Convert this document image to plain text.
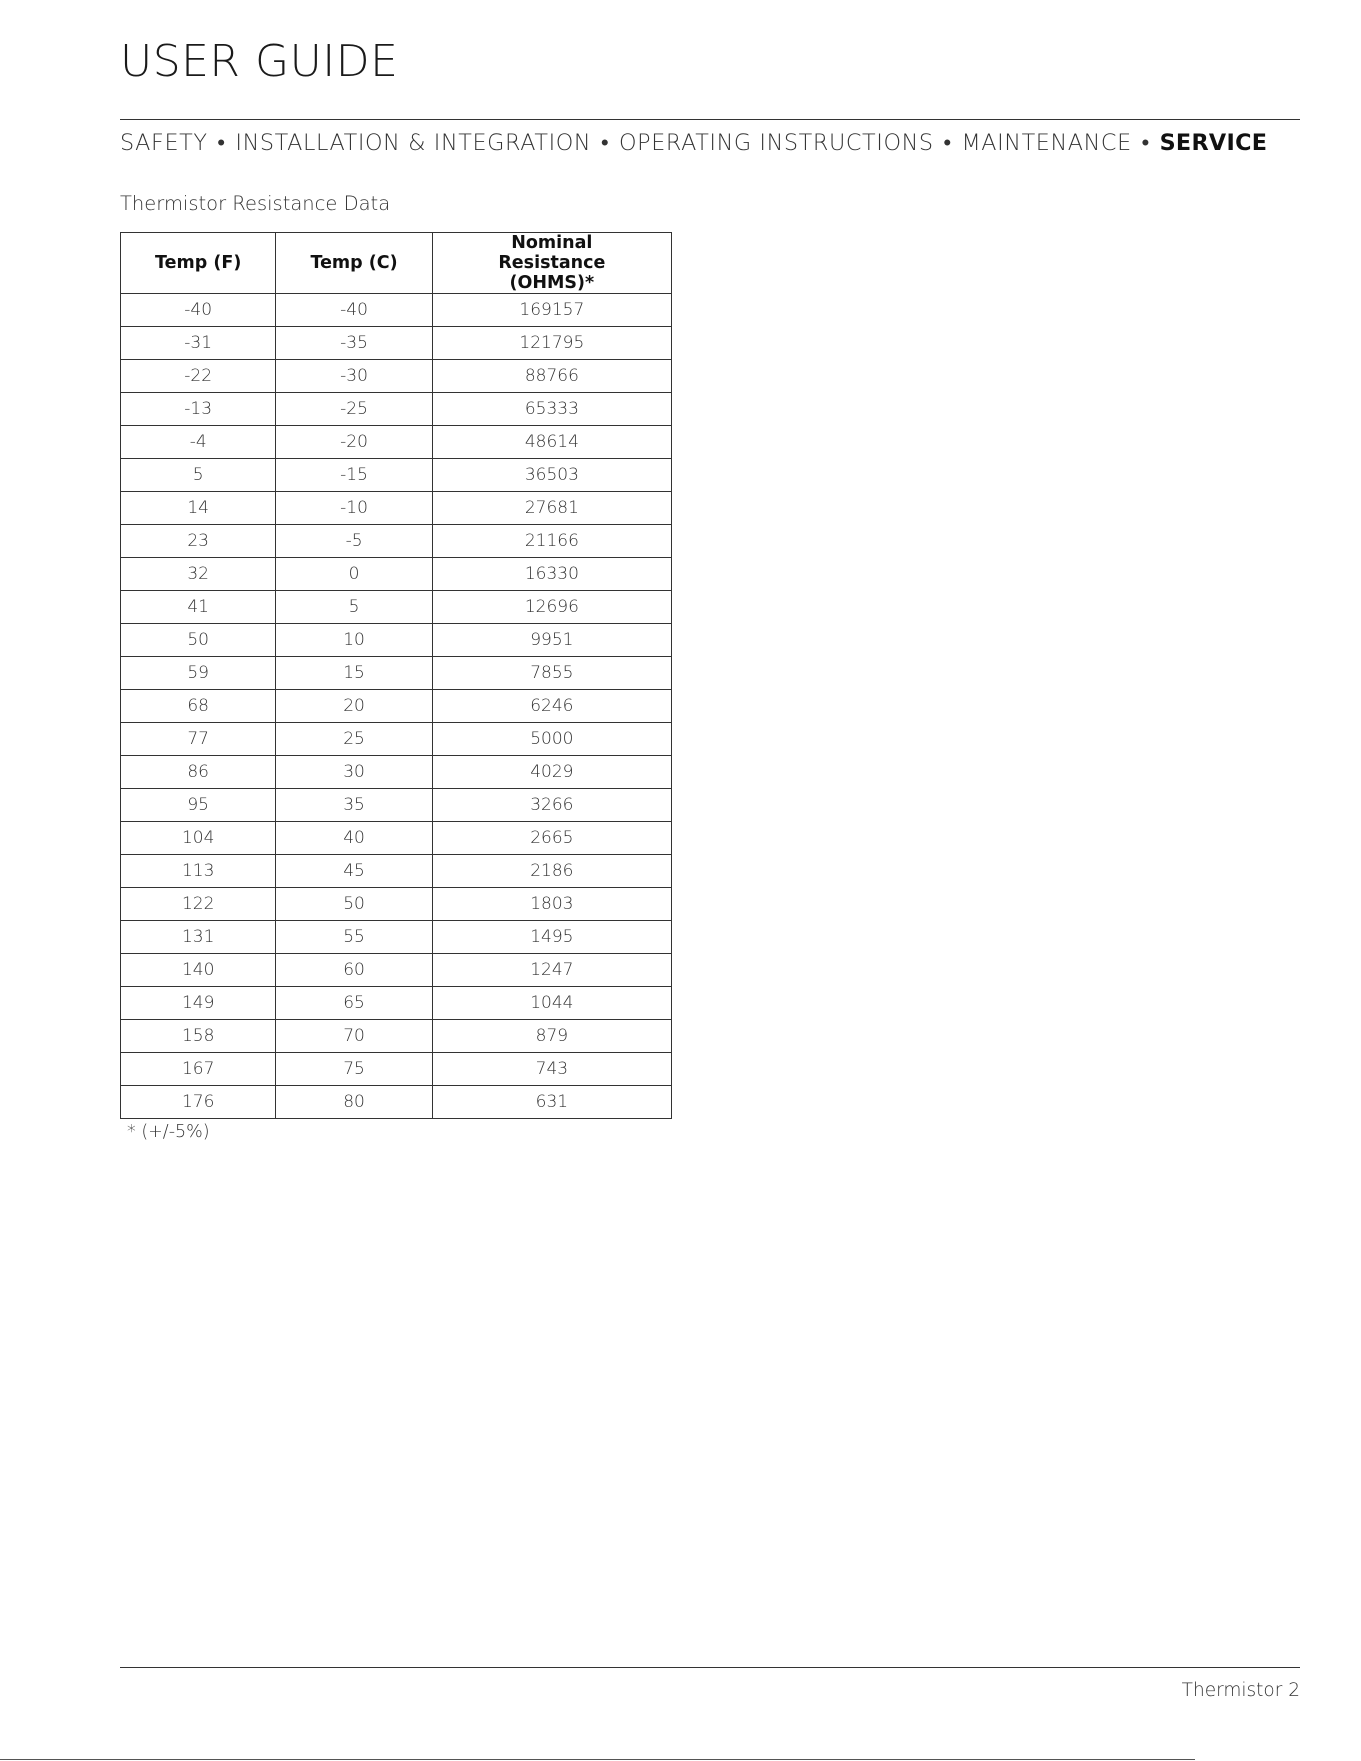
USER GUIDE
SAFETY • INSTALLATION & INTEGRATION • OPERATING INSTRUCTIONS • MAINTENANCE • SERVICE

Thermistor Resistance Data

Temp (F)	Temp (C)	Nominal Resistance (OHMS)*
-40	-40	169157
-31	-35	121795
-22	-30	88766
-13	-25	65333
-4	-20	48614
5	-15	36503
14	-10	27681
23	-5	21166
32	0	16330
41	5	12696
50	10	9951
59	15	7855
68	20	6246
77	25	5000
86	30	4029
95	35	3266
104	40	2665
113	45	2186
122	50	1803
131	55	1495
140	60	1247
149	65	1044
158	70	879
167	75	743
176	80	631

* (+/-5%)

Thermistor 2
